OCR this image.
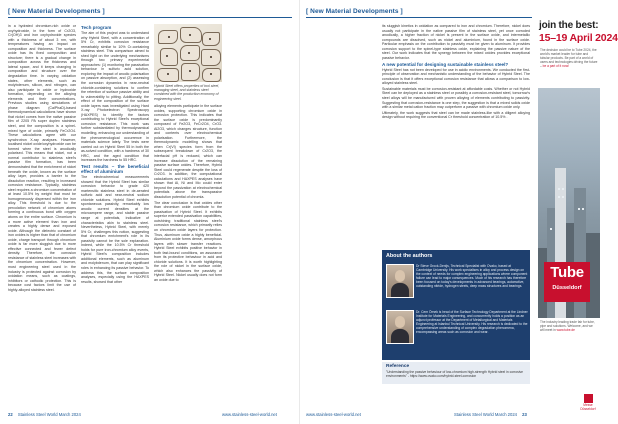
[ New Material Developments ]

in a hydrated chromium-rich oxide or oxyhydroxide, in the form of Cr2O3, Cr(OH)3 and iron oxyhydroxide species with a thickness of about 3 nm, with temperatures having an impact on composition and thickness. The surface oxide has its fixed composition and structure; there is a gradual change in composition across the thickness and lateral space, and it keeps changing in composition and structure over the degradation time. In varying oxidation states, other elements, such as molybdenum, silicon, and nitrogen, can also participate in oxide or hydroxide formation, depending on the alloying elements and their concentrations. Previous studies using simulations of phase diagram (CalPhaD)-based thermodynamical calculations have shown that nickel comes from the native passive film of 2205 PA super duplex stainless steel, and the composition is a spinel-mixed type of oxide, primarily FeCr2O4. These calculations agree with our synchrotron X-ray analyses. However, localised nickel oxide/oxyhydroxide can be formed when the steel is anodically polarised. This means that nickel, not a normal contributor to stainless steel's passive film formation, has been demonstrated that the enrichment of nickel beneath the oxide, known as the surface alloy layer, provides a barrier to the dissolution reaction, resulting in increased corrosion resistance. Typically, stainless steel requires a chromium concentration of at least 10.5% by weight that must be homogeneously dispersed within the iron alloy. This threshold is due to the percolation network of chromium atoms forming a continuous bond with oxygen atoms on the entire surface. Chromium is a more active element than iron and creates a highly dense and exposed oxide. Although the dielectric constant of iron oxides is higher than that of chromium oxide, charge transport through chromium oxide is far more sluggish due to more effective connected and fewer defect density. Therefore, the corrosion resistance of stainless steel increases with the chromium concentration. However, most engineering steel used in the industry is protected against corrosion by oxidation means, such as coatings, inhibitors or cathodic protection. This is because cost factors limit the use of highly-alloyed stainless steel.

Tech program

The aim of this project was to understand why Hybrid Steel, with a concentration of 5% Cr, exhibits corrosion resistance remarkably similar to 10% Cr-containing stainless steel. This comparison aimed to shed light on the underlying mechanisms through two primary experimental approaches: (1) monitoring the passivation behaviour in sulfuric acid solution, exploring the impact of anodic polarisation on passive absorption, and (2) assessing the corrosion dynamics in near-neutral chloride-containing solutions to confirm the retention of surface passive ability and to vulnerability to pitting. Additionally, the effect of the composition of the surface oxide layers was investigated using Hard X-ray Photoelectron Spectroscopy (HAXPES) to identify the factors contributing to Hybrid Steel's exceptional corrosion resistance. This work was further substantiated by thermodynamical modelling, enhancing our understanding of the phenomenological occurrence in materials science lately. The tests were carried out on Hybrid Steel 55 in both the as-solved condition, with a hardness of 30 HRC, and the aged condition that increases the hardness to 55 HRC.

Test results – the beneficial effect of aluminium

The electrochemical measurements showed that the Hybrid Steel has similar corrosion behavior to grade 420 martensitic stainless steel in de-aerated sulfuric acid and near-neutral sodium chloride solutions. Hybrid Steel exhibits spontaneous passivity, remarkably low anodic current densities at the microampere range, and stable passive range at potentials, indicative of characteristics akin to stainless steel. Nevertheless, Hybrid Steel, with merely 5% Cr, challenges this notion, suggesting that chromium enrichment's role in its passivity cannot be the sole explanation. Indeed, while the 10.5% Cr threshold holds for pure iron-chromium alloy events, Hybrid Steel's composition includes additional elements, such as aluminum and molybdenum, that can play significant roles in enhancing its passive behavior. To address this, the surface composition analyses, especially using the HAXPES results, showed that other

Hybrid Steel offers properties of tool steel, managing steel, and stainless steel combined with the production economy of engineering steel.

alloying elements participate in the surface oxides, supporting chromium oxide in corrosion protection. This indicates that the surface oxide is predominantly composed of Fe2O3, FeCr2O4, CrO3. Al2O3, which changes structure, function and contents over electrochemical polarisation. Furthermore, the thermodynamic modelling shows that when Cr(VI) species form from the subsequent breakdown of Cr2O3, the interfacial pH is reduced, which can increase dissolution of the remaining passive surface oxides. Therefore, Hybrid Steel could regenerate despite the loss of Cr2O3. In addition, the computational calculations and HAXPES analyses have shown that Al, Ni and Mo could enter beyond the passivation at electrochemical potentials above the transpassive dissolution potential of chromia.

The clear conclusion is that oxides other than chromium oxide contribute to the passivation of Hybrid Steel. It exhibits superior extended passivation capabilities, outshining traditional stainless steel's corrosion resistance, which primarily relies on chromium oxide layers for protection. Thus, aluminum oxide a highly beneficial. Aluminium oxide forms dense, amorphous layers with slower transfer reactions. Hybrid Steel exhibits positive behavior in both fast-bound conditions, an assurance from its protective behaviour in acid and chloride solutions. It is worth highlighting the role of nickel in the surface oxide, which also enhances the passivity of Hybrid Steel. Nickel usually does not form an oxide due to

22 Stainless Steel World March 2024	www.stainless-steel-world.net
[ New Material Developments ]

its sluggish kinetics in oxidation as compared to iron and chromium. Therefore, nickel does usually not participate in the native passive film of stainless steel, yet once corroded anodically, a higher fraction of nickel is present in the surface oxide, and intermetallic compounds are dissolved, such as nickel and aluminium, found in the surface oxide. Particular emphasis on the contribution to passivity must be given to aluminum. It provides corrosion support to the spinel-type stainless oxide, explaining the passive nature of the steel. Our work indicates that the synergy between the mixed oxides provides exceptional passive behavior.

A new potential for designing sustainable stainless steel?

Hybrid Steel has not been developed for use in acidic environments. We conducted the first-principle of observation and mechanistic understanding of the behavior of Hybrid Steel. The conclusion is that it offers exceptional corrosion resistance that allows a comparison to low-alloyed stainless steel.

Sustainable materials must be corrosion-resistant at affordable costs. Whether or not Hybrid Steel can be deployed as a stainless steel or possibly a corrosion-resistant steel, tomorrow's steel alloys will be manufactured with proven alloying of elements contributing to passivity. Suggesting that corrosion-resistance is one step, the suggestion is that a mixed solids oxide with a similar metal cation fraction may outperform a passive with chromium oxide only.

Ultimately, the work suggests that steel can be made stainless-like with a diligent alloying design without requiring the conventional Cr threshold concentration of 10.5% .

About the authors
Dr Steve Grock-Denijs, Technical Specialist with Ovako, based at Cambridge University. His work specialises in alloy and process design on the context of needs for complex engineering applications where component failure can lead to major consequences. Much of his research has therefore been focused on today's developments in advanced bearings, automotive, outstanding nitride, hydrogen steels, deep mass structures and bearings.
Dr. Cem Örnek is head of the Surface Technology Department at the Lindner Institute for Materials Engineering, and concurrently holds a position as an adjunct professor at the Department of Metallurgical and Materials Engineering at Istanbul Technical University. His research is dedicated to the comprehensive understanding of complex degradation phenomena, encompassing areas such as corrosion and wear.
Reference
"Understanding the passive behaviour of low-chromium high-strength Hybrid steel in corrosive environments" - https://www.ovako.com/hybrid-steel-corrosion
www.stainless-steel-world.net	Stainless Steel World March 2024 23
join the best:
15–19 April 2024
The decision could be to Tube 2024, the world's market leader for tube and tubular products. Be part of a world of users and technologies driving the future – be a part of it now!
Tube
Düsseldorf
The industry leading trade fair for tube, pipe and solutions. Welcome, and we will meet in www.tube.de
Messe Düsseldorf
